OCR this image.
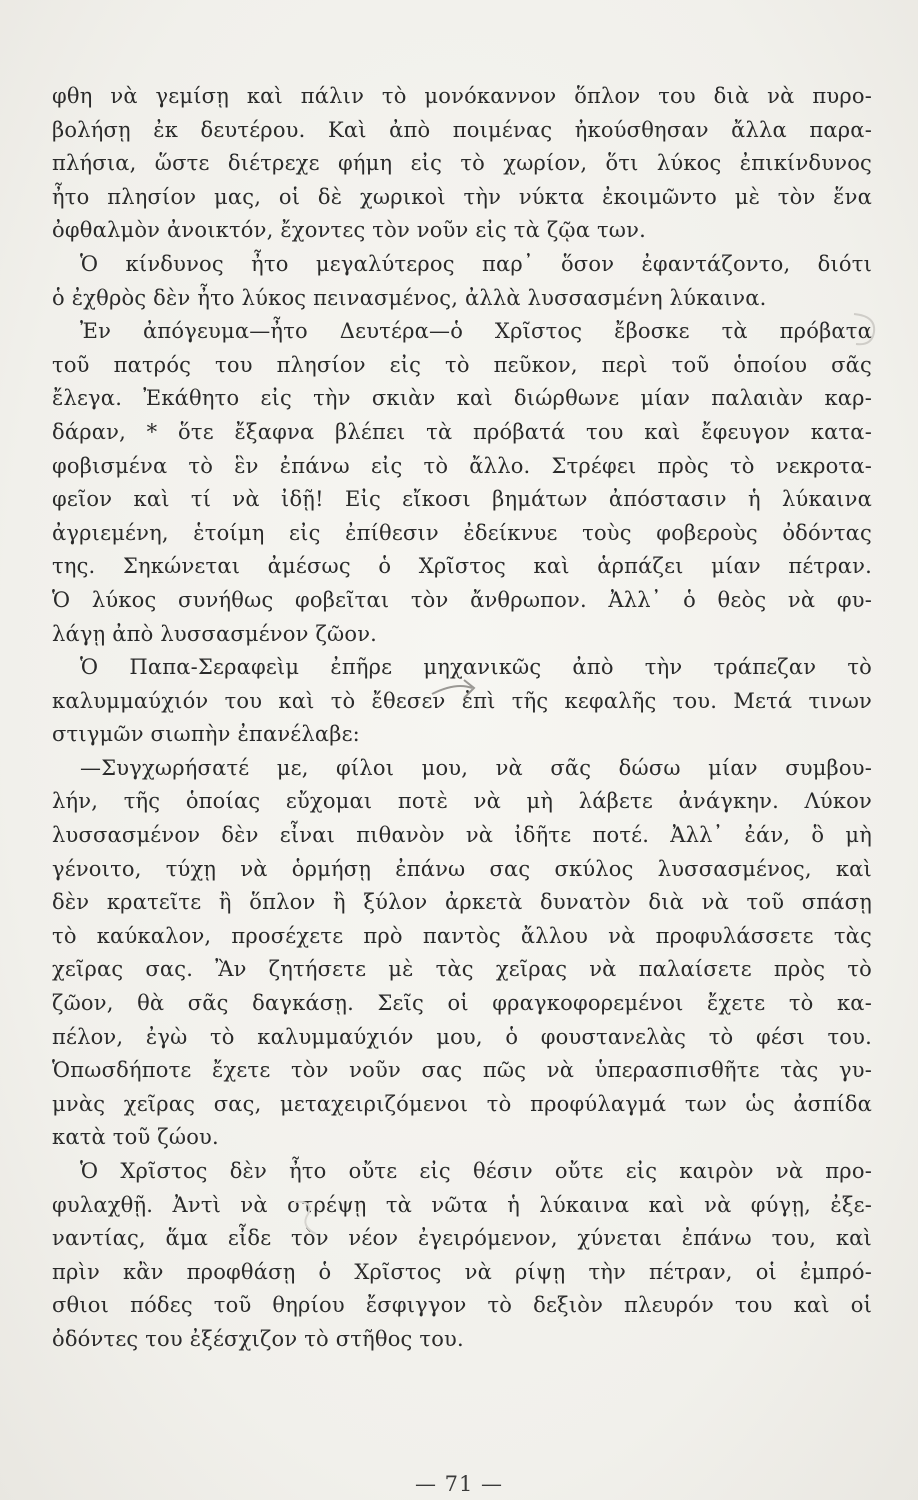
φθη νὰ γεμίσῃ καὶ πάλιν τὸ μονόκαννον ὅπλον του διὰ νὰ πυρο-
βολήσῃ ἐκ δευτέρου. Καὶ ἀπὸ ποιμένας ἠκούσθησαν ἄλλα παρα-
πλήσια, ὥστε διέτρεχε φήμη εἰς τὸ χωρίον, ὅτι λύκος ἐπικίνδυνος
ἦτο πλησίον μας, οἱ δὲ χωρικοὶ τὴν νύκτα ἐκοιμῶντο μὲ τὸν ἕνα
ὀφθαλμὸν ἀνοικτόν, ἔχοντες τὸν νοῦν εἰς τὰ ζῷα των.
Ὁ κίνδυνος ἦτο μεγαλύτερος παρ᾿ ὅσον ἐφαντάζοντο, διότι
ὁ ἐχθρὸς δὲν ἦτο λύκος πεινασμένος, ἀλλὰ λυσσασμένη λύκαινα.
Ἐν ἀπόγευμα—ἦτο Δευτέρα—ὁ Χρῖστος ἔβοσκε τὰ πρόβατα
τοῦ πατρός του πλησίον εἰς τὸ πεῦκον, περὶ τοῦ ὁποίου σᾶς
ἔλεγα. Ἐκάθητο εἰς τὴν σκιὰν καὶ διώρθωνε μίαν παλαιὰν καρ-
δάραν, * ὅτε ἔξαφνα βλέπει τὰ πρόβατά του καὶ ἔφευγον κατα-
φοβισμένα τὸ ἓν ἐπάνω εἰς τὸ ἄλλο. Στρέφει πρὸς τὸ νεκροτα-
φεῖον καὶ τί νὰ ἰδῇ! Εἰς εἴκοσι βημάτων ἀπόστασιν ἡ λύκαινα
ἀγριεμένη, ἑτοίμη εἰς ἐπίθεσιν ἐδείκνυε τοὺς φοβεροὺς ὀδόντας
της. Σηκώνεται ἀμέσως ὁ Χρῖστος καὶ ἁρπάζει μίαν πέτραν.
Ὁ λύκος συνήθως φοβεῖται τὸν ἄνθρωπον. Ἀλλ᾿ ὁ θεὸς νὰ φυ-
λάγῃ ἀπὸ λυσσασμένον ζῶον.
Ὁ Παπα-Σεραφεὶμ ἐπῆρε μηχανικῶς ἀπὸ τὴν τράπεζαν τὸ
καλυμμαύχιόν του καὶ τὸ ἔθεσεν ἐπὶ τῆς κεφαλῆς του. Μετά τινων
στιγμῶν σιωπὴν ἐπανέλαβε:
—Συγχωρήσατέ με, φίλοι μου, νὰ σᾶς δώσω μίαν συμβου-
λήν, τῆς ὁποίας εὔχομαι ποτὲ νὰ μὴ λάβετε ἀνάγκην. Λύκον
λυσσασμένον δὲν εἶναι πιθανὸν νὰ ἰδῆτε ποτέ. Ἀλλ᾿ ἐάν, ὃ μὴ
γένοιτο, τύχῃ νὰ ὁρμήσῃ ἐπάνω σας σκύλος λυσσασμένος, καὶ
δὲν κρατεῖτε ἢ ὅπλον ἢ ξύλον ἀρκετὰ δυνατὸν διὰ νὰ τοῦ σπάσῃ
τὸ καύκαλον, προσέχετε πρὸ παντὸς ἄλλου νὰ προφυλάσσετε τὰς
χεῖρας σας. Ἂν ζητήσετε μὲ τὰς χεῖρας νὰ παλαίσετε πρὸς τὸ
ζῶον, θὰ σᾶς δαγκάσῃ. Σεῖς οἱ φραγκοφορεμένοι ἔχετε τὸ κα-
πέλον, ἐγὼ τὸ καλυμμαύχιόν μου, ὁ φουστανελὰς τὸ φέσι του.
Ὁπωσδήποτε ἔχετε τὸν νοῦν σας πῶς νὰ ὑπερασπισθῆτε τὰς γυ-
μνὰς χεῖρας σας, μεταχειριζόμενοι τὸ προφύλαγμά των ὡς ἀσπίδα
κατὰ τοῦ ζώου.
Ὁ Χρῖστος δὲν ἦτο οὔτε εἰς θέσιν οὔτε εἰς καιρὸν νὰ προ-
φυλαχθῇ. Ἀντὶ νὰ στρέψῃ τὰ νῶτα ἡ λύκαινα καὶ νὰ φύγῃ, ἐξε-
ναντίας, ἅμα εἶδε τὸν νέον ἐγειρόμενον, χύνεται ἐπάνω του, καὶ
πρὶν κἂν προφθάσῃ ὁ Χρῖστος νὰ ρίψῃ τὴν πέτραν, οἱ ἐμπρό-
σθιοι πόδες τοῦ θηρίου ἔσφιγγον τὸ δεξιὸν πλευρόν του καὶ οἱ
ὀδόντες του ἐξέσχιζον τὸ στῆθος του.
— 71 —
